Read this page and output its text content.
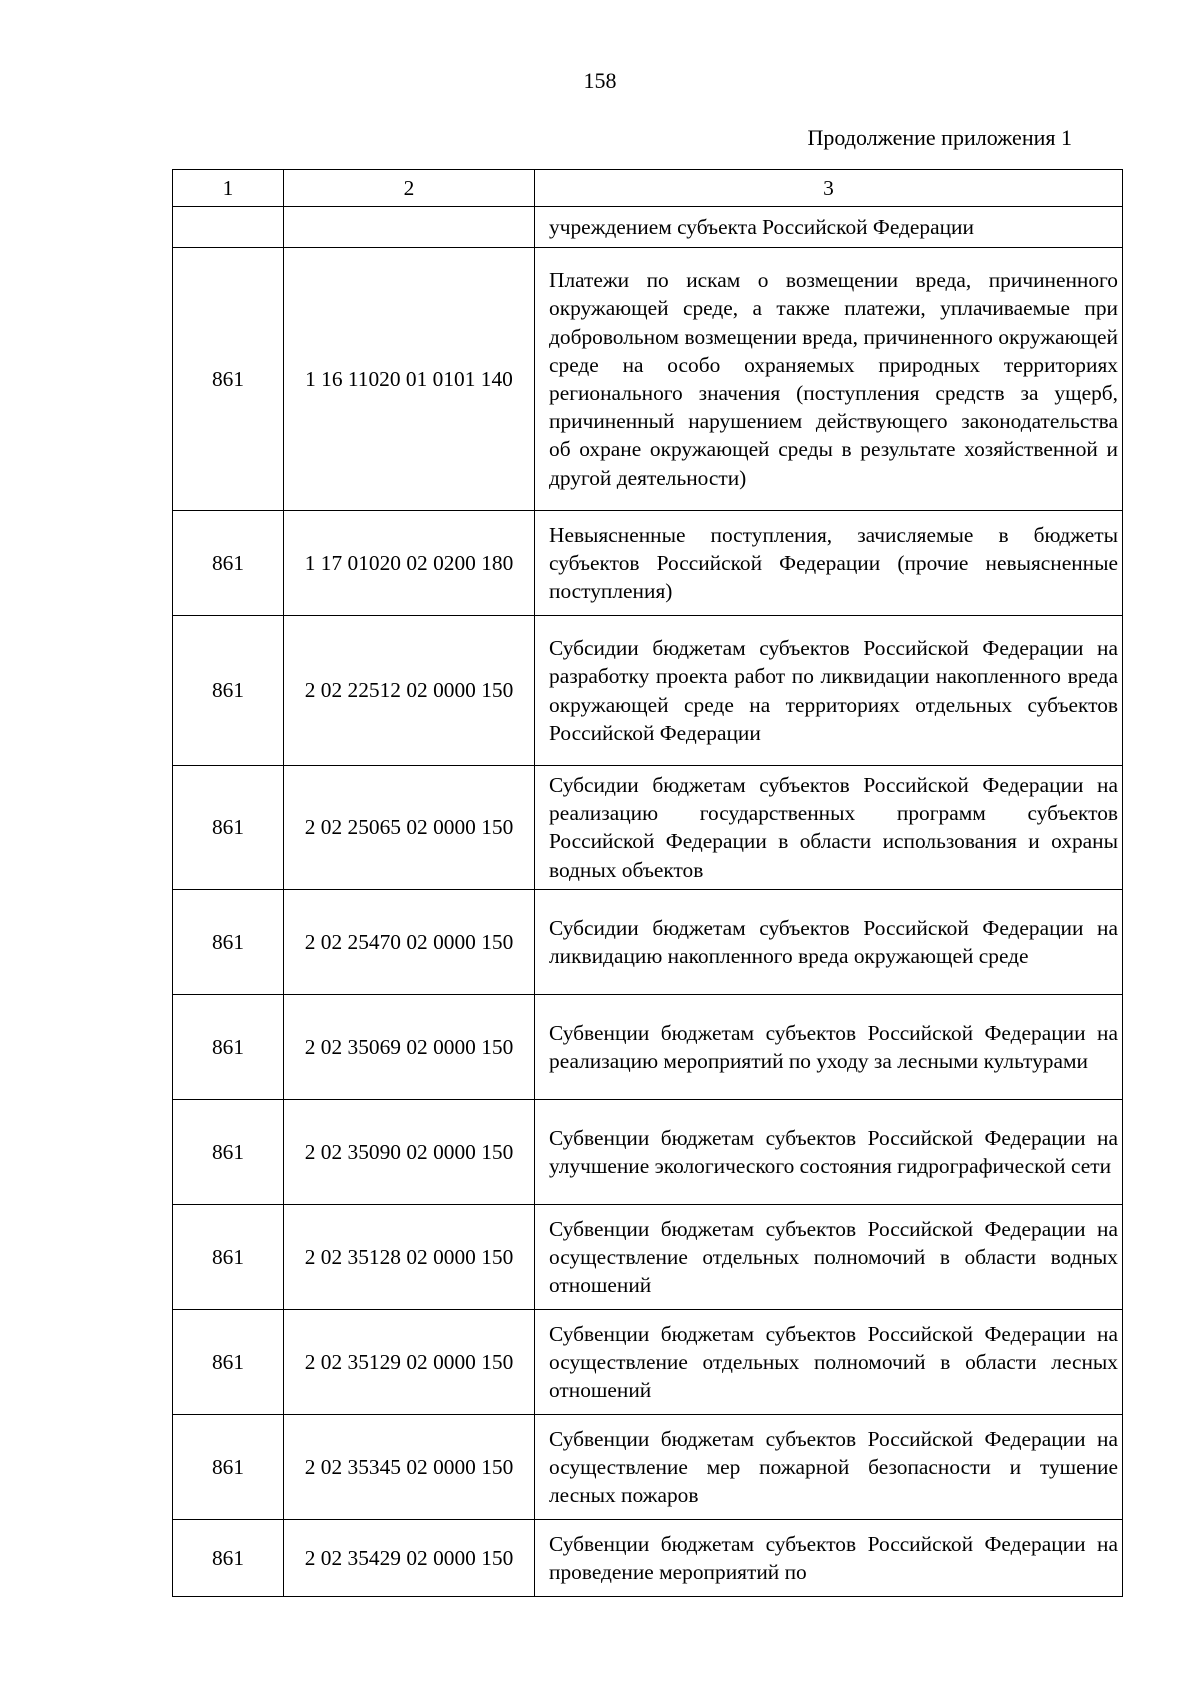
158
Продолжение приложения 1
1	2	3
		учреждением субъекта Российской Федерации
861	1 16 11020 01 0101 140	Платежи по искам о возмещении вреда, причиненного окружающей среде, а также платежи, уплачиваемые при добровольном возмещении вреда, причиненного окружающей среде на особо охраняемых природных территориях регионального значения (поступления средств за ущерб, причиненный нарушением действующего законодательства об охране окружающей среды в результате хозяйственной и другой деятельности)
861	1 17 01020 02 0200 180	Невыясненные поступления, зачисляемые в бюджеты субъектов Российской Федерации (прочие невыясненные поступления)
861	2 02 22512 02 0000 150	Субсидии бюджетам субъектов Российской Федерации на разработку проекта работ по ликвидации накопленного вреда окружающей среде на территориях отдельных субъектов Российской Федерации
861	2 02 25065 02 0000 150	Субсидии бюджетам субъектов Российской Федерации на реализацию государственных программ субъектов Российской Федерации в области использования и охраны водных объектов
861	2 02 25470 02 0000 150	Субсидии бюджетам субъектов Российской Федерации на ликвидацию накопленного вреда окружающей среде
861	2 02 35069 02 0000 150	Субвенции бюджетам субъектов Российской Федерации на реализацию мероприятий по уходу за лесными культурами
861	2 02 35090 02 0000 150	Субвенции бюджетам субъектов Российской Федерации на улучшение экологического состояния гидрографической сети
861	2 02 35128 02 0000 150	Субвенции бюджетам субъектов Российской Федерации на осуществление отдельных полномочий в области водных отношений
861	2 02 35129 02 0000 150	Субвенции бюджетам субъектов Российской Федерации на осуществление отдельных полномочий в области лесных отношений
861	2 02 35345 02 0000 150	Субвенции бюджетам субъектов Российской Федерации на осуществление мер пожарной безопасности и тушение лесных пожаров
861	2 02 35429 02 0000 150	Субвенции бюджетам субъектов Российской Федерации на проведение мероприятий по
